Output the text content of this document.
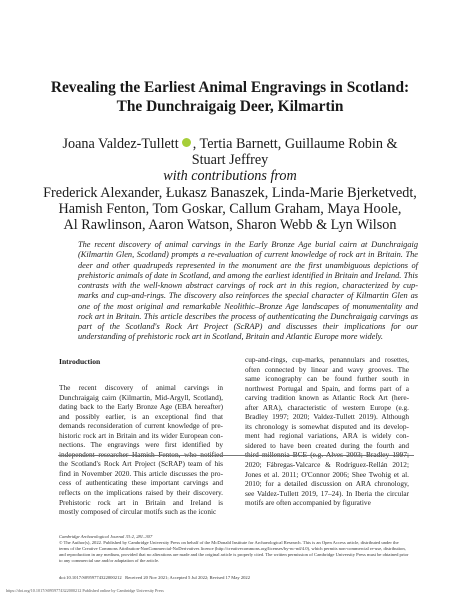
Revealing the Earliest Animal Engravings in Scotland:
The Dunchraigaig Deer, Kilmartin
Joana Valdez-Tullett , Tertia Barnett, Guillaume Robin &
Stuart Jeffrey
with contributions from
Frederick Alexander, Łukasz Banaszek, Linda-Marie Bjerketvedt,
Hamish Fenton, Tom Goskar, Callum Graham, Maya Hoole,
Al Rawlinson, Aaron Watson, Sharon Webb & Lyn Wilson
The recent discovery of animal carvings in the Early Bronze Age burial cairn at Dunchraigaig (Kilmartin Glen, Scotland) prompts a re-evaluation of current knowledge of rock art in Britain. The deer and other quadrupeds represented in the monument are the first unambiguous depictions of prehistoric animals of date in Scotland, and among the earliest identified in Britain and Ireland. This contrasts with the well-known abstract carvings of rock art in this region, characterized by cup-marks and cup-and-rings. The discovery also reinforces the special character of Kilmartin Glen as one of the most original and remarkable Neolithic–Bronze Age landscapes of monumentality and rock art in Britain. This article describes the process of authenticating the Dunchraigaig carvings as part of the Scotland's Rock Art Project (ScRAP) and discusses their implications for our understanding of prehistoric rock art in Scotland, Britain and Atlantic Europe more widely.
Introduction
The recent discovery of animal carvings in
Dunchraigaig cairn (Kilmartin, Mid-Argyll, Scotland),
dating back to the Early Bronze Age (EBA hereafter)
and possibly earlier, is an exceptional find that
demands reconsideration of current knowledge of pre-
historic rock art in Britain and its wider European con-
nections. The engravings were first identified by
independent researcher Hamish Fenton, who notified
the Scotland's Rock Art Project (ScRAP) team of his
find in November 2020. This article discusses the pro-
cess of authenticating these important carvings and
reflects on the implications raised by their discovery.
Prehistoric rock art in Britain and Ireland is
mostly composed of circular motifs such as the iconic
cup-and-rings, cup-marks, penannulars and rosettes,
often connected by linear and wavy grooves. The
same iconography can be found further south in
northwest Portugal and Spain, and forms part of a
carving tradition known as Atlantic Rock Art (here-
after ARA), characteristic of western Europe (e.g.
Bradley 1997; 2020; Valdez-Tullett 2019). Although
its chronology is somewhat disputed and its develop-
ment had regional variations, ARA is widely con-
sidered to have been created during the fourth and
third millennia BCE (e.g. Alves 2003; Bradley 1997;
2020; Fábregas-Valcarce & Rodríguez-Rellán 2012;
Jones et al. 2011; O'Connor 2006; Shee Twohig et al.
2010; for a detailed discussion on ARA chronology,
see Valdez-Tullett 2019, 17–24). In Iberia the circular
motifs are often accompanied by figurative
Cambridge Archaeological Journal 33:2, 281–307
© The Author(s), 2022. Published by Cambridge University Press on behalf of the McDonald Institute for Archaeological Research. This is an Open Access article, distributed under the terms of the Creative Commons Attribution-NonCommercial-NoDerivatives licence (http://creativecommons.org/licenses/by-nc-nd/4.0), which permits non-commercial re-use, distribution, and reproduction in any medium, provided that no alterations are made and the original article is properly cited. The written permission of Cambridge University Press must be obtained prior to any commercial use and/or adaptation of the article.
doi:10.1017/S0959774322000212 Received 20 Nov 2021; Accepted 5 Jul 2022; Revised 17 May 2022
https://doi.org/10.1017/S0959774322000212 Published online by Cambridge University Press
